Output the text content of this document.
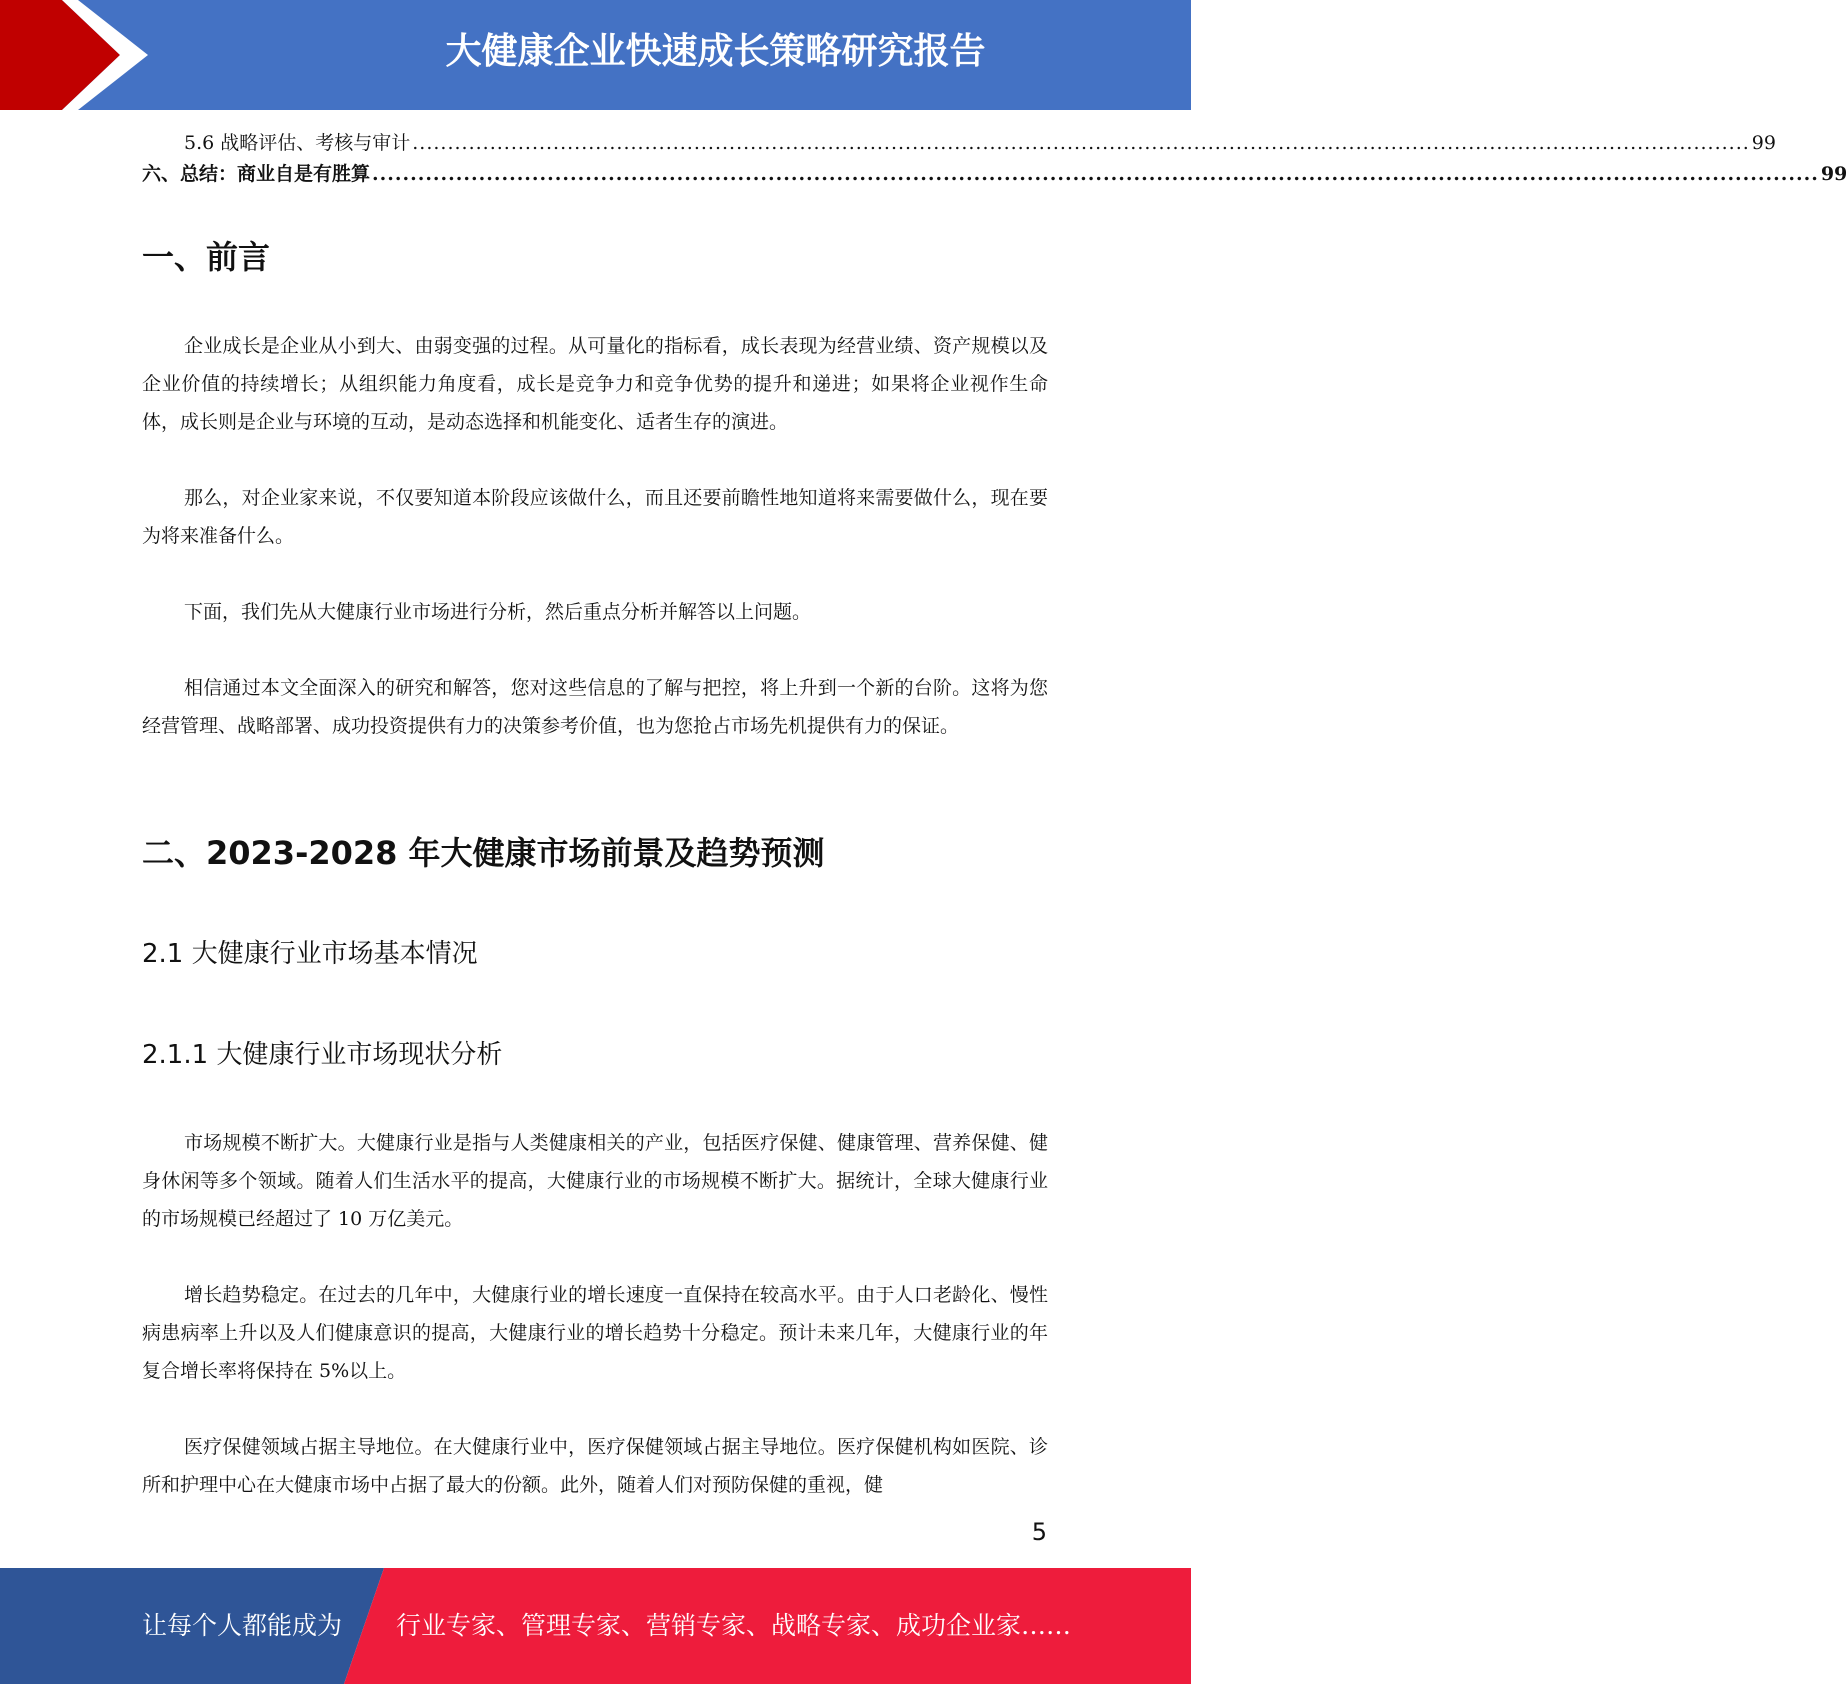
大健康企业快速成长策略研究报告
5.6 战略评估、考核与审计 .............................................................................................................................................................................................. 99
六、总结：商业自是有胜算 .............................................................................................................................................................................................. 99
一、前言

企业成长是企业从小到大、由弱变强的过程。从可量化的指标看，成长表现为经营业绩、资产规模以及企业价值的持续增长；从组织能力角度看，成长是竞争力和竞争优势的提升和递进；如果将企业视作生命体，成长则是企业与环境的互动，是动态选择和机能变化、适者生存的演进。

那么，对企业家来说，不仅要知道本阶段应该做什么，而且还要前瞻性地知道将来需要做什么，现在要为将来准备什么。

下面，我们先从大健康行业市场进行分析，然后重点分析并解答以上问题。

相信通过本文全面深入的研究和解答，您对这些信息的了解与把控，将上升到一个新的台阶。这将为您经营管理、战略部署、成功投资提供有力的决策参考价值，也为您抢占市场先机提供有力的保证。

二、2023-2028 年大健康市场前景及趋势预测
2.1 大健康行业市场基本情况
2.1.1 大健康行业市场现状分析

市场规模不断扩大。大健康行业是指与人类健康相关的产业，包括医疗保健、健康管理、营养保健、健身休闲等多个领域。随着人们生活水平的提高，大健康行业的市场规模不断扩大。据统计，全球大健康行业的市场规模已经超过了 10 万亿美元。

增长趋势稳定。在过去的几年中，大健康行业的增长速度一直保持在较高水平。由于人口老龄化、慢性病患病率上升以及人们健康意识的提高，大健康行业的增长趋势十分稳定。预计未来几年，大健康行业的年复合增长率将保持在 5%以上。

医疗保健领域占据主导地位。在大健康行业中，医疗保健领域占据主导地位。医疗保健机构如医院、诊所和护理中心在大健康市场中占据了最大的份额。此外，随着人们对预防保健的重视，健

5
让每个人都能成为 行业专家、管理专家、营销专家、战略专家、成功企业家……
